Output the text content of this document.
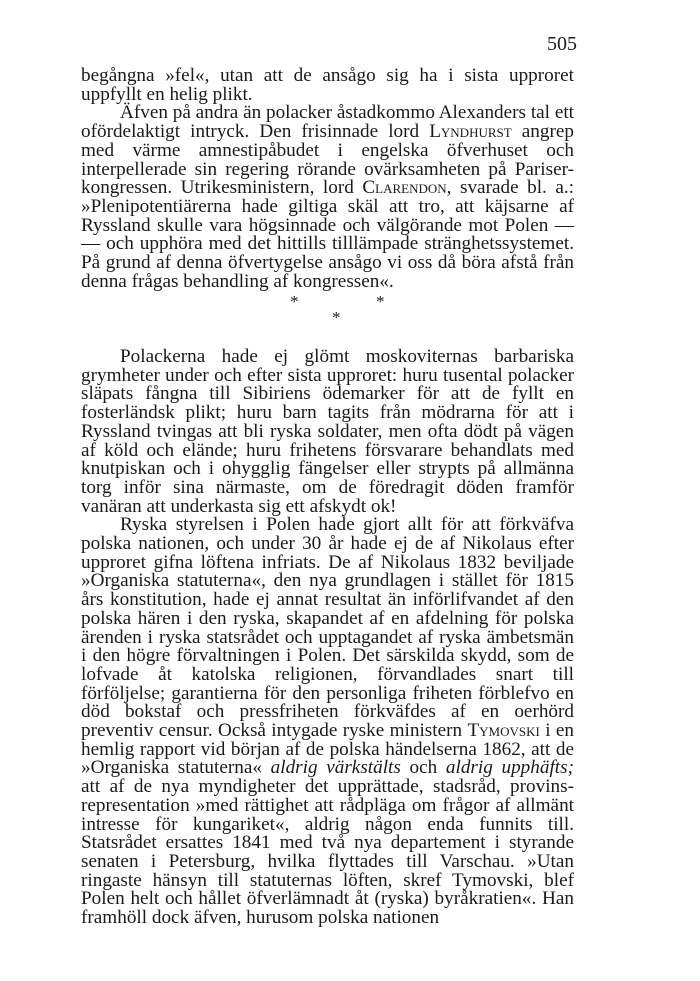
505

begångna »fel«, utan att de ansågo sig ha i sista upproret uppfyllt en helig plikt.

Äfven på andra än polacker åstadkommo Alexanders tal ett ofördelaktigt intryck. Den frisinnade lord Lyndhurst angrep med värme amnestipåbudet i engelska öfverhuset och interpellerade sin regering rörande ovärksamheten på Pariser-kongressen. Utrikesministern, lord Clarendon, svarade bl. a.: »Plenipotentiärerna hade giltiga skäl att tro, att käjsarne af Ryssland skulle vara högsinnade och välgörande mot Polen — — och upphöra med det hittills tilllämpade stränghetssystemet. På grund af denna öfvertygelse ansågo vi oss då böra afstå från denna frågas behandling af kongressen«.

*	*
*

Polackerna hade ej glömt moskoviternas barbariska grymheter under och efter sista upproret: huru tusental polacker släpats fångna till Sibiriens ödemarker för att de fyllt en fosterländsk plikt; huru barn tagits från mödrarna för att i Ryssland tvingas att bli ryska soldater, men ofta dödt på vägen af köld och elände; huru frihetens försvarare behandlats med knutpiskan och i ohygglig fängelser eller strypts på allmänna torg inför sina närmaste, om de föredragit döden framför vanäran att underkasta sig ett afskydt ok!

Ryska styrelsen i Polen hade gjort allt för att förkväfva polska nationen, och under 30 år hade ej de af Nikolaus efter upproret gifna löftena infriats. De af Nikolaus 1832 beviljade »Organiska statuterna«, den nya grundlagen i stället för 1815 års konstitution, hade ej annat resultat än införlifvandet af den polska hären i den ryska, skapandet af en afdelning för polska ärenden i ryska statsrådet och upptagandet af ryska ämbetsmän i den högre förvaltningen i Polen. Det särskilda skydd, som de lofvade åt katolska religionen, förvandlades snart till förföljelse; garantierna för den personliga friheten förblefvo en död bokstaf och pressfriheten förkväfdes af en oerhörd preventiv censur. Också intygade ryske ministern Tymovski i en hemlig rapport vid början af de polska händelserna 1862, att de »Organiska statuterna« aldrig värkstälts och aldrig upphäfts; att af de nya myndigheter det upprättade, stadsråd, provins-representation »med rättighet att rådpläga om frågor af allmänt intresse för kungariket«, aldrig någon enda funnits till. Statsrådet ersattes 1841 med två nya departement i styrande senaten i Petersburg, hvilka flyttades till Varschau. »Utan ringaste hänsyn till statuternas löften, skref Tymovski, blef Polen helt och hållet öfverlämnadt åt (ryska) byråkratien«. Han framhöll dock äfven, hurusom polska nationen
